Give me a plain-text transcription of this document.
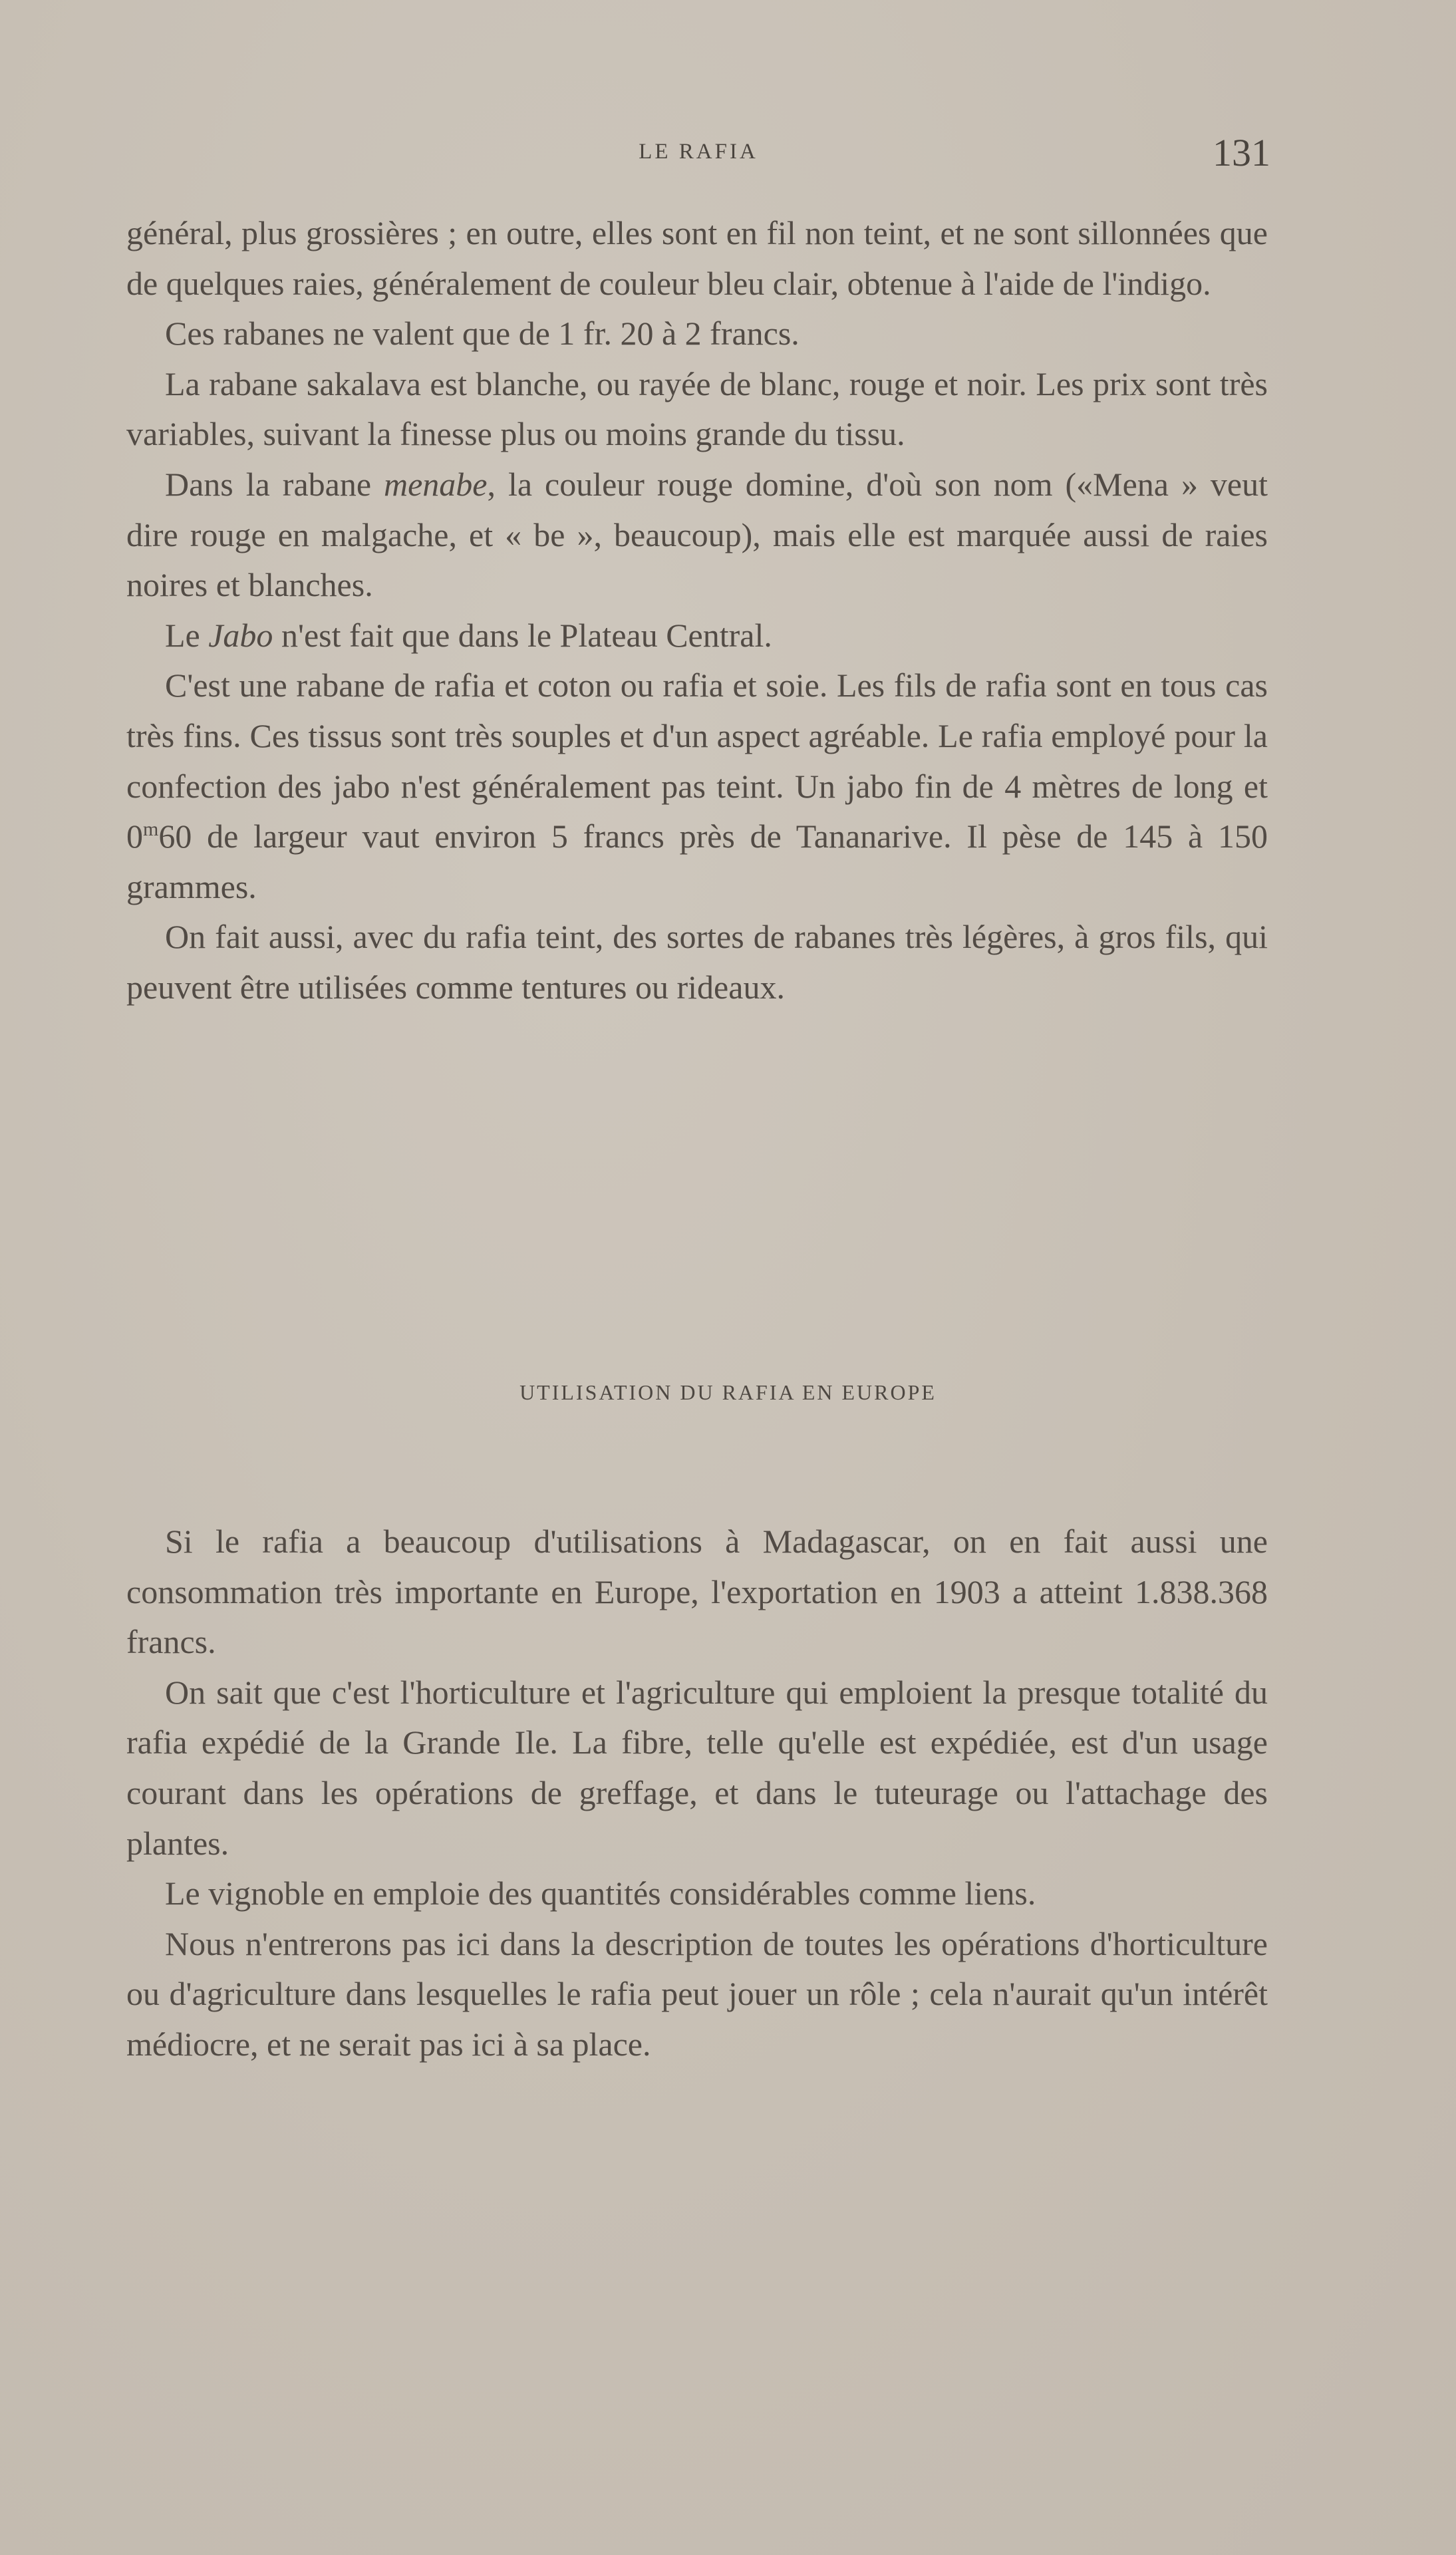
LE RAFIA	131

général, plus grossières ; en outre, elles sont en fil non teint, et ne sont sillonnées que de quelques raies, généralement de couleur bleu clair, obtenue à l'aide de l'indigo.

Ces rabanes ne valent que de 1 fr. 20 à 2 francs.

La rabane sakalava est blanche, ou rayée de blanc, rouge et noir. Les prix sont très variables, suivant la finesse plus ou moins grande du tissu.

Dans la rabane menabe, la couleur rouge domine, d'où son nom («Mena » veut dire rouge en malgache, et « be », beaucoup), mais elle est marquée aussi de raies noires et blanches.

Le Jabo n'est fait que dans le Plateau Central.

C'est une rabane de rafia et coton ou rafia et soie. Les fils de rafia sont en tous cas très fins. Ces tissus sont très souples et d'un aspect agréable. Le rafia employé pour la confection des jabo n'est généralement pas teint. Un jabo fin de 4 mètres de long et 0$^m$60 de largeur vaut environ 5 francs près de Tananarive. Il pèse de 145 à 150 grammes.

On fait aussi, avec du rafia teint, des sortes de rabanes très légères, à gros fils, qui peuvent être utilisées comme tentures ou rideaux.

UTILISATION DU RAFIA EN EUROPE

Si le rafia a beaucoup d'utilisations à Madagascar, on en fait aussi une consommation très importante en Europe, l'exportation en 1903 a atteint 1.838.368 francs.

On sait que c'est l'horticulture et l'agriculture qui emploient la presque totalité du rafia expédié de la Grande Ile. La fibre, telle qu'elle est expédiée, est d'un usage courant dans les opérations de greffage, et dans le tuteurage ou l'attachage des plantes.

Le vignoble en emploie des quantités considérables comme liens.

Nous n'entrerons pas ici dans la description de toutes les opérations d'horticulture ou d'agriculture dans lesquelles le rafia peut jouer un rôle ; cela n'aurait qu'un intérêt médiocre, et ne serait pas ici à sa place.
